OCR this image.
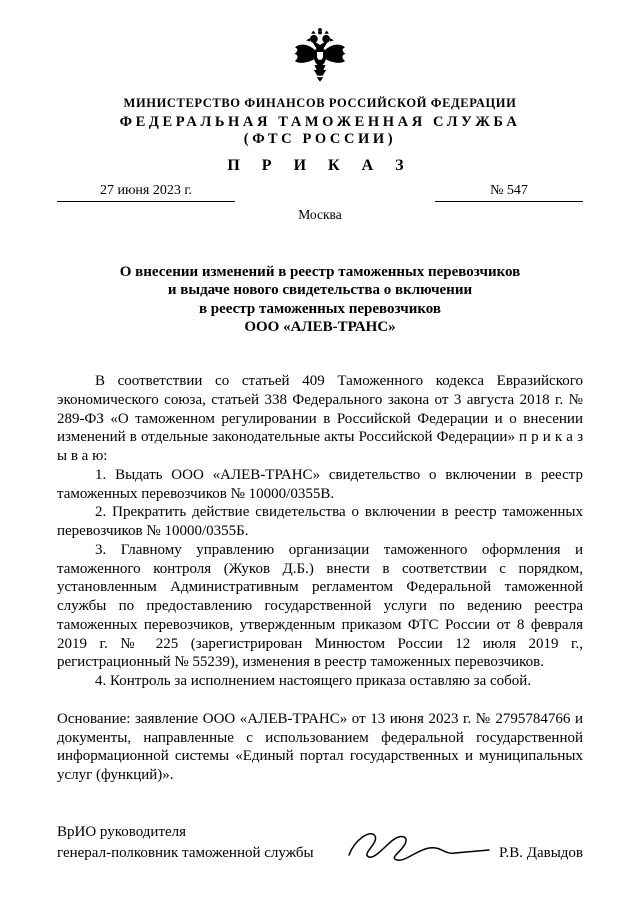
МИНИСТЕРСТВО ФИНАНСОВ РОССИЙСКОЙ ФЕДЕРАЦИИ
ФЕДЕРАЛЬНАЯ ТАМОЖЕННАЯ СЛУЖБА
(ФТС РОССИИ)
П Р И К А З
27 июня 2023 г.	№ 547
Москва
О внесении изменений в реестр таможенных перевозчиков
и выдаче нового свидетельства о включении
в реестр таможенных перевозчиков
ООО «АЛЕВ-ТРАНС»

В соответствии со статьей 409 Таможенного кодекса Евразийского экономического союза, статьей 338 Федерального закона от 3 августа 2018 г. № 289-ФЗ «О таможенном регулировании в Российской Федерации и о внесении изменений в отдельные законодательные акты Российской Федерации» п р и к а з ы в а ю:

1. Выдать ООО «АЛЕВ-ТРАНС» свидетельство о включении в реестр таможенных перевозчиков № 10000/0355В.

2. Прекратить действие свидетельства о включении в реестр таможенных перевозчиков № 10000/0355Б.

3. Главному управлению организации таможенного оформления и таможенного контроля (Жуков Д.Б.) внести в соответствии с порядком, установленным Административным регламентом Федеральной таможенной службы по предоставлению государственной услуги по ведению реестра таможенных перевозчиков, утвержденным приказом ФТС России от 8 февраля 2019 г. № 225 (зарегистрирован Минюстом России 12 июля 2019 г., регистрационный № 55239), изменения в реестр таможенных перевозчиков.

4. Контроль за исполнением настоящего приказа оставляю за собой.

Основание: заявление ООО «АЛЕВ-ТРАНС» от 13 июня 2023 г. № 2795784766 и документы, направленные с использованием федеральной государственной информационной системы «Единый портал государственных и муниципальных услуг (функций)».

ВрИО руководителя
генерал-полковник таможенной службы	Р.В. Давыдов
